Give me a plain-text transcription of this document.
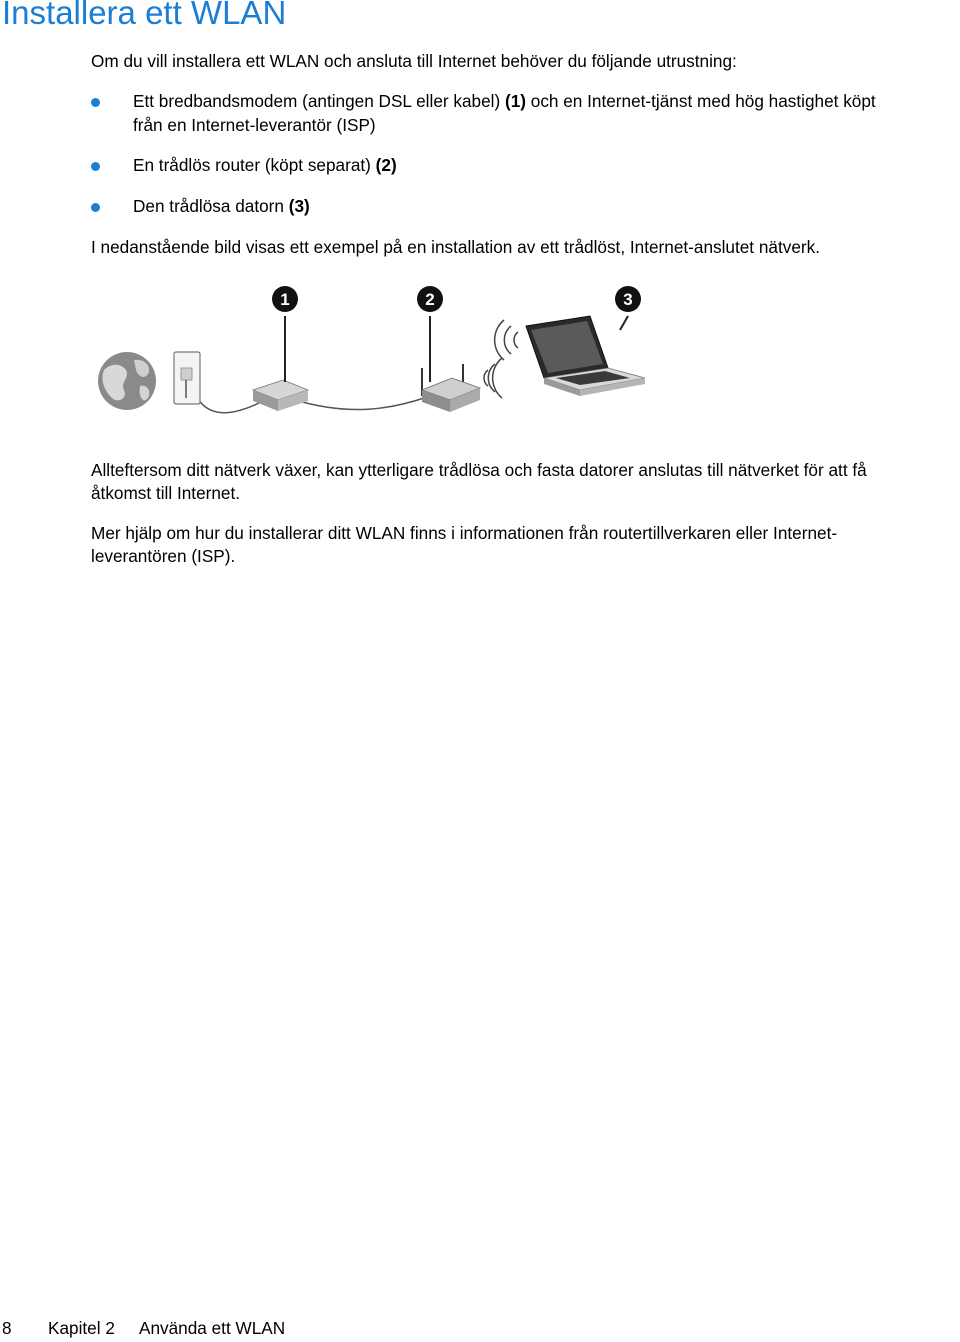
Installera ett WLAN

Om du vill installera ett WLAN och ansluta till Internet behöver du följande utrustning:

Ett bredbandsmodem (antingen DSL eller kabel) (1) och en Internet-tjänst med hög hastighet köpt

från en Internet-leverantör (ISP)

En trådlös router (köpt separat) (2)

Den trådlösa datorn (3)

I nedanstående bild visas ett exempel på en installation av ett trådlöst, Internet-anslutet nätverk.

1	2	3

Allteftersom ditt nätverk växer, kan ytterligare trådlösa och fasta datorer anslutas till nätverket för att få

åtkomst till Internet.

Mer hjälp om hur du installerar ditt WLAN finns i informationen från routertillverkaren eller Internet-

leverantören (ISP).

8 Kapitel 2 Använda ett WLAN
